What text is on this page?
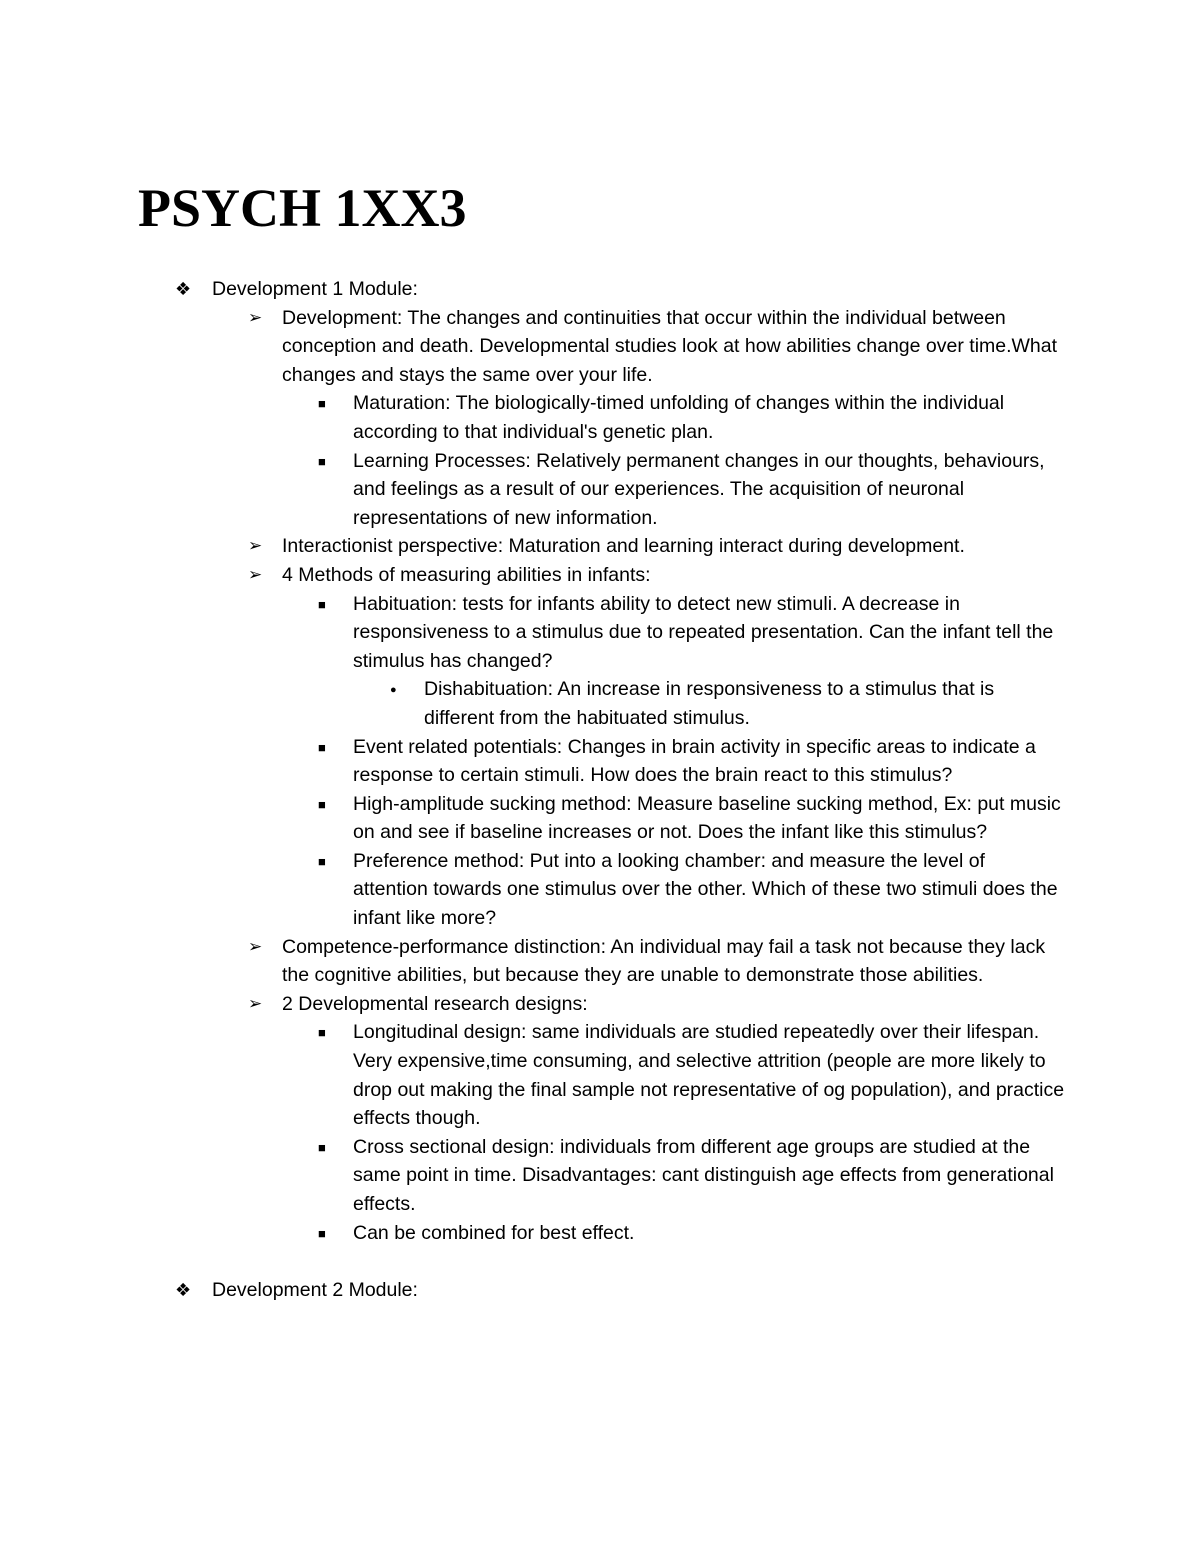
PSYCH 1XX3
❖ Development 1 Module:
➢ Development: The changes and continuities that occur within the individual between conception and death. Developmental studies look at how abilities change over time.What changes and stays the same over your life.
■ Maturation: The biologically-timed unfolding of changes within the individual according to that individual's genetic plan.
■ Learning Processes: Relatively permanent changes in our thoughts, behaviours, and feelings as a result of our experiences. The acquisition of neuronal representations of new information.
➢ Interactionist perspective: Maturation and learning interact during development.
➢ 4 Methods of measuring abilities in infants:
■ Habituation: tests for infants ability to detect new stimuli. A decrease in responsiveness to a stimulus due to repeated presentation. Can the infant tell the stimulus has changed?
● Dishabituation: An increase in responsiveness to a stimulus that is different from the habituated stimulus.
■ Event related potentials: Changes in brain activity in specific areas to indicate a response to certain stimuli. How does the brain react to this stimulus?
■ High-amplitude sucking method: Measure baseline sucking method, Ex: put music on and see if baseline increases or not. Does the infant like this stimulus?
■ Preference method: Put into a looking chamber: and measure the level of attention towards one stimulus over the other. Which of these two stimuli does the infant like more?
➢ Competence-performance distinction: An individual may fail a task not because they lack the cognitive abilities, but because they are unable to demonstrate those abilities.
➢ 2 Developmental research designs:
■ Longitudinal design: same individuals are studied repeatedly over their lifespan. Very expensive,time consuming, and selective attrition (people are more likely to drop out making the final sample not representative of og population), and practice effects though.
■ Cross sectional design: individuals from different age groups are studied at the same point in time. Disadvantages: cant distinguish age effects from generational effects.
■ Can be combined for best effect.
❖ Development 2 Module:
